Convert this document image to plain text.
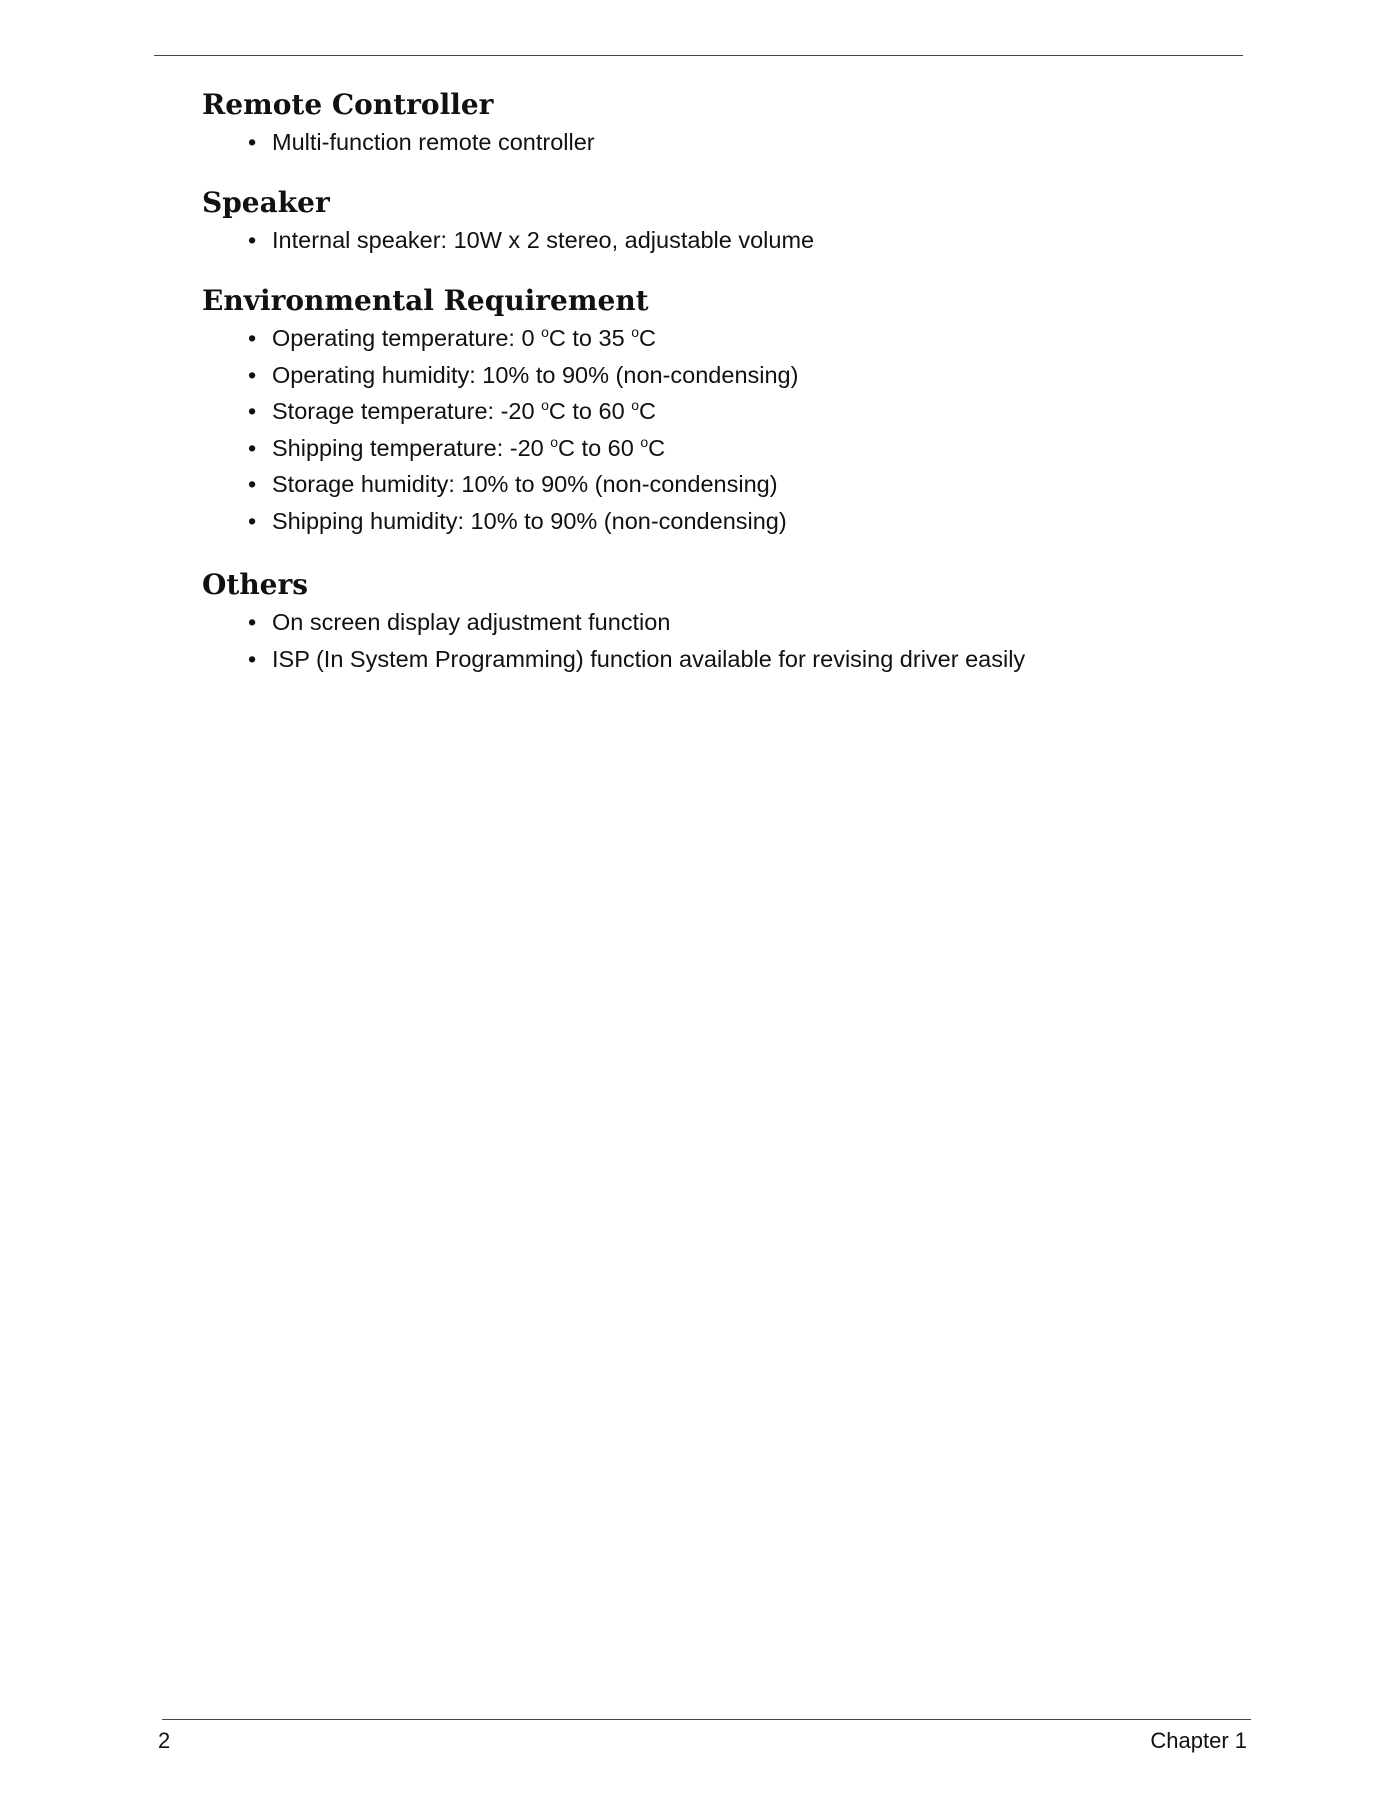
Remote Controller
• Multi-function remote controller
Speaker
• Internal speaker: 10W x 2 stereo, adjustable volume
Environmental Requirement
• Operating temperature: 0 $^o$C to 35 $^o$C
• Operating humidity: 10% to 90% (non-condensing)
• Storage temperature: -20 $^o$C to 60 $^o$C
• Shipping temperature: -20 $^o$C to 60 $^o$C
• Storage humidity: 10% to 90% (non-condensing)
• Shipping humidity: 10% to 90% (non-condensing)
Others
• On screen display adjustment function
• ISP (In System Programming) function available for revising driver easily
2	Chapter 1
